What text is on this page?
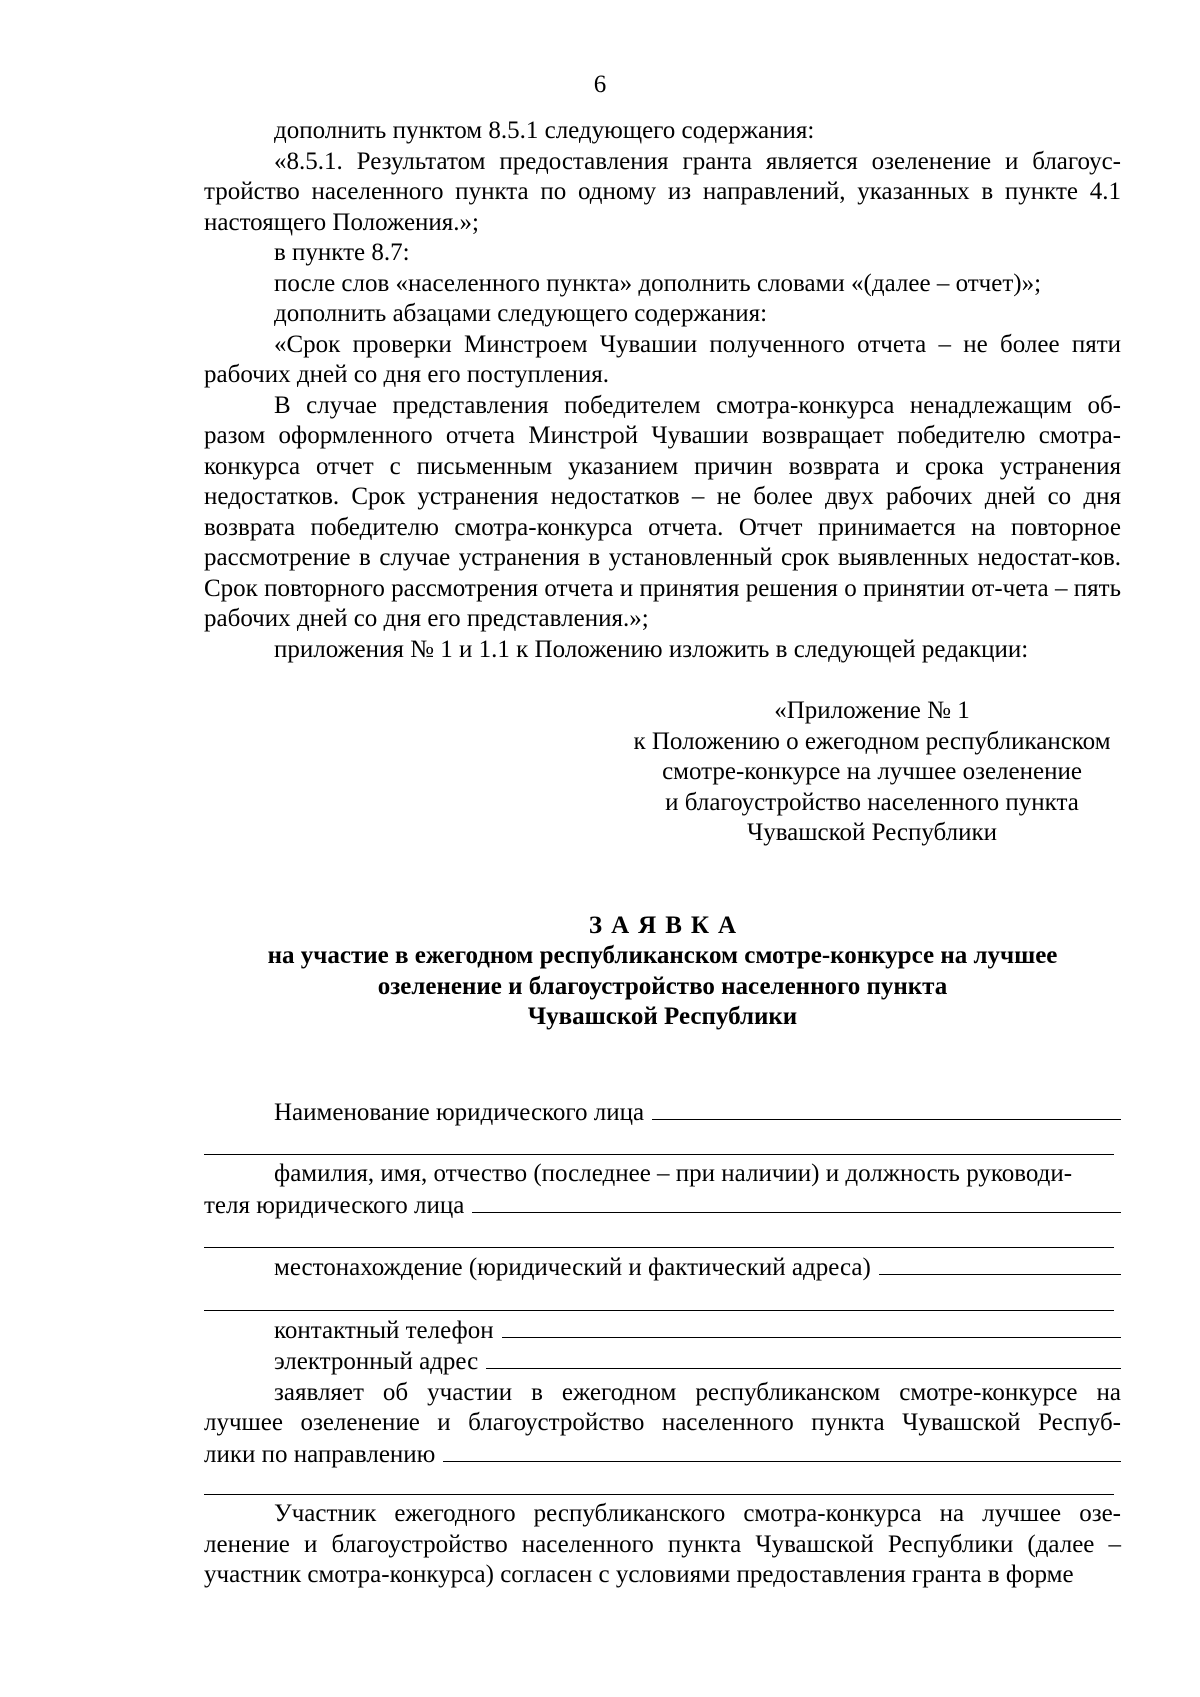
6

дополнить пунктом 8.5.1 следующего содержания:

«8.5.1. Результатом предоставления гранта является озеленение и благоус-тройство населенного пункта по одному из направлений, указанных в пункте 4.1 настоящего Положения.»;

в пункте 8.7:

после слов «населенного пункта» дополнить словами «(далее – отчет)»;

дополнить абзацами следующего содержания:

«Срок проверки Минстроем Чувашии полученного отчета – не более пяти рабочих дней со дня его поступления.

В случае представления победителем смотра-конкурса ненадлежащим об-разом оформленного отчета Минстрой Чувашии возвращает победителю смотра-конкурса отчет с письменным указанием причин возврата и срока устранения недостатков. Срок устранения недостатков – не более двух рабочих дней со дня возврата победителю смотра-конкурса отчета. Отчет принимается на повторное рассмотрение в случае устранения в установленный срок выявленных недостат-ков. Срок повторного рассмотрения отчета и принятия решения о принятии от-чета – пять рабочих дней со дня его представления.»;

приложения № 1 и 1.1 к Положению изложить в следующей редакции:

«Приложение № 1

к Положению о ежегодном республиканском

смотре-конкурсе на лучшее озеленение

и благоустройство населенного пункта

Чувашской Республики

ЗАЯВКА
на участие в ежегодном республиканском смотре-конкурсе на лучшее
озеленение и благоустройство населенного пункта
Чувашской Республики
Наименование юридического лица
фамилия, имя, отчество (последнее – при наличии) и должность руководи-
теля юридического лица
местонахождение (юридический и фактический адреса)
контактный телефон
электронный адрес

заявляет об участии в ежегодном республиканском смотре-конкурсе на

лучшее озеленение и благоустройство населенного пункта Чувашской Респуб-

лики по направлению

Участник ежегодного республиканского смотра-конкурса на лучшее озе-ленение и благоустройство населенного пункта Чувашской Республики (далее – участник смотра-конкурса) согласен с условиями предоставления гранта в форме
